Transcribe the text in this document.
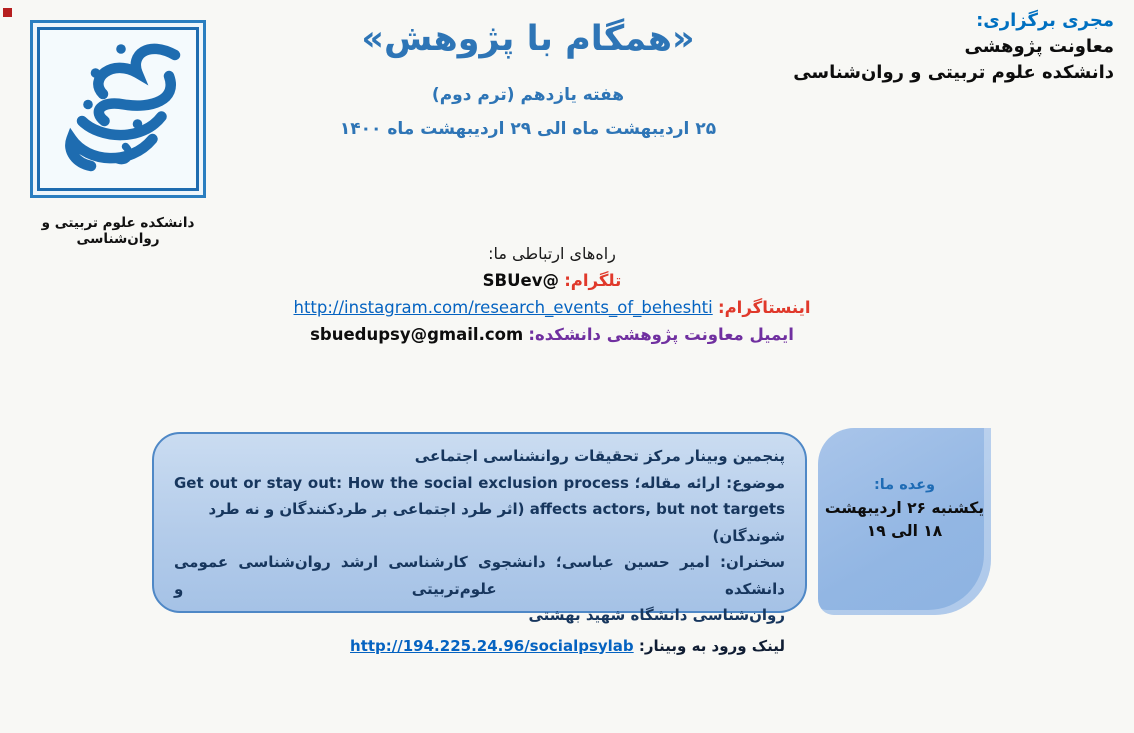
دانشکده علوم تربیتی و روان‌شناسی
«همگام با پژوهش»
هفته یازدهم (ترم دوم)
۲۵ اردیبهشت ماه الی ۲۹ اردیبهشت ماه ۱۴۰۰
مجری برگزاری:
معاونت پژوهشی
دانشکده علوم تربیتی و روان‌شناسی
راه‌های ارتباطی ما:
تلگرام: @SBUev
اینستاگرام: http://instagram.com/research_events_of_beheshti
ایمیل معاونت پژوهشی دانشکده: sbuedupsy@gmail.com
پنجمین وبینار مرکز تحقیقات روانشناسی اجتماعی
موضوع: ارائه مقاله؛ Get out or stay out: How the social exclusion process
affects actors, but not targets (اثر طرد اجتماعی بر طردکنندگان و نه طرد شوندگان)
سخنران: امیر حسین عباسی؛ دانشجوی کارشناسی ارشد روان‌شناسی عمومی دانشکده علوم‌تربیتی و
روان‌شناسی دانشگاه شهید بهشتی
لینک ورود به وبینار: http://194.225.24.96/socialpsylab
وعده ما:
یکشنبه ۲۶ اردیبهشت
۱۸ الی ۱۹
